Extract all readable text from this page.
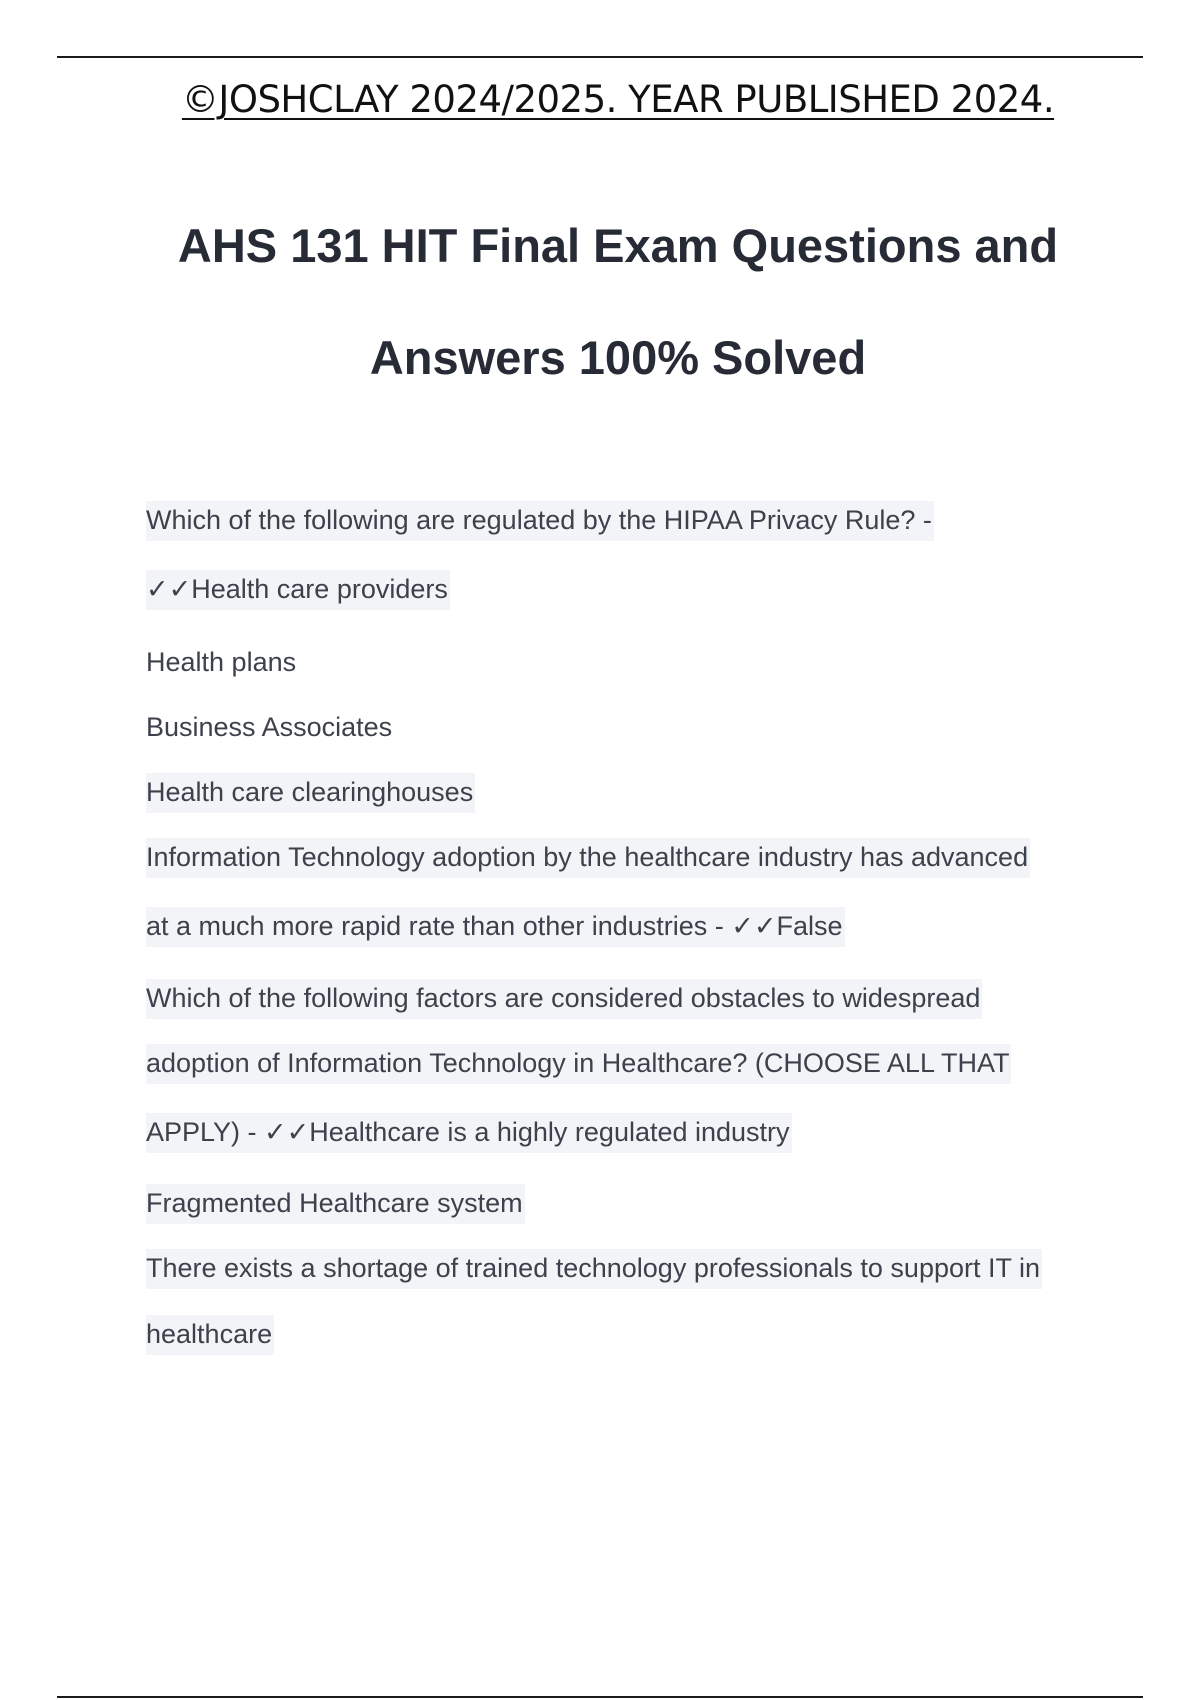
©JOSHCLAY 2024/2025. YEAR PUBLISHED 2024.
AHS 131 HIT Final Exam Questions and
Answers 100% Solved
Which of the following are regulated by the HIPAA Privacy Rule? -
✓✓Health care providers
Health plans
Business Associates
Health care clearinghouses
Information Technology adoption by the healthcare industry has advanced
at a much more rapid rate than other industries - ✓✓False
Which of the following factors are considered obstacles to widespread
adoption of Information Technology in Healthcare? (CHOOSE ALL THAT
APPLY) - ✓✓Healthcare is a highly regulated industry
Fragmented Healthcare system
There exists a shortage of trained technology professionals to support IT in
healthcare
